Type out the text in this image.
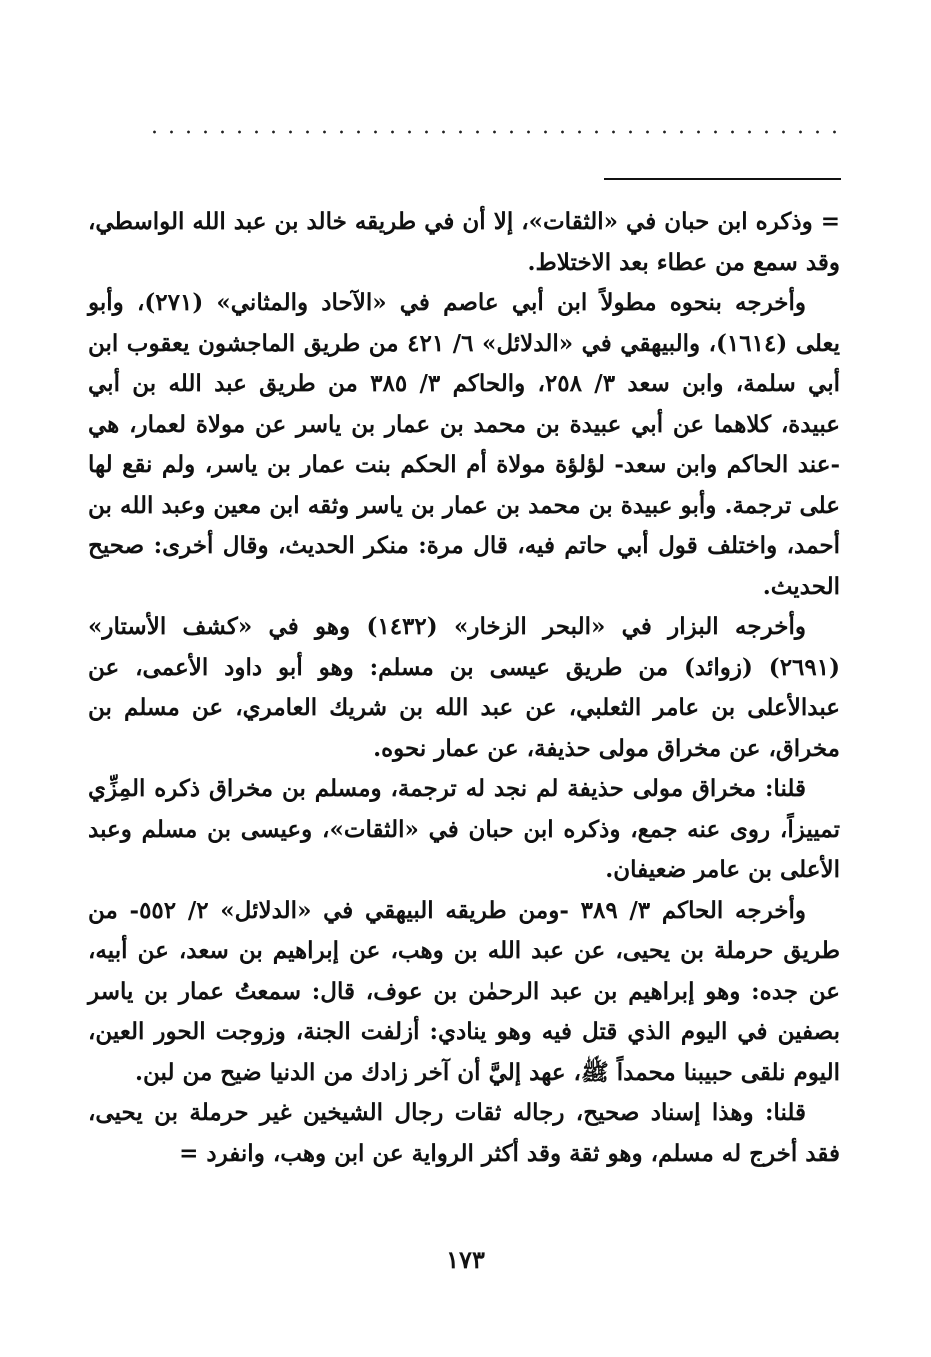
= وذكره ابن حبان في «الثقات»، إلا أن في طريقه خالد بن عبد الله الواسطي، وقد سمع من عطاء بعد الاختلاط.

وأخرجه بنحوه مطولاً ابن أبي عاصم في «الآحاد والمثاني» (٢٧١)، وأبو يعلى (١٦١٤)، والبيهقي في «الدلائل» ٦/ ٤٢١ من طريق الماجشون يعقوب ابن أبي سلمة، وابن سعد ٣/ ٢٥٨، والحاكم ٣/ ٣٨٥ من طريق عبد الله بن أبي عبيدة، كلاهما عن أبي عبيدة بن محمد بن عمار بن ياسر عن مولاة لعمار، هي -عند الحاكم وابن سعد- لؤلؤة مولاة أم الحكم بنت عمار بن ياسر، ولم نقع لها على ترجمة. وأبو عبيدة بن محمد بن عمار بن ياسر وثقه ابن معين وعبد الله بن أحمد، واختلف قول أبي حاتم فيه، قال مرة: منكر الحديث، وقال أخرى: صحيح الحديث.

وأخرجه البزار في «البحر الزخار» (١٤٣٢) وهو في «كشف الأستار» (٢٦٩١) (زوائد) من طريق عيسى بن مسلم: وهو أبو داود الأعمى، عن عبدالأعلى بن عامر الثعلبي، عن عبد الله بن شريك العامري، عن مسلم بن مخراق، عن مخراق مولى حذيفة، عن عمار نحوه.

قلنا: مخراق مولى حذيفة لم نجد له ترجمة، ومسلم بن مخراق ذكره المِزِّي تمييزاً، روى عنه جمع، وذكره ابن حبان في «الثقات»، وعيسى بن مسلم وعبد الأعلى بن عامر ضعيفان.

وأخرجه الحاكم ٣/ ٣٨٩ -ومن طريقه البيهقي في «الدلائل» ٢/ ٥٥٢- من طريق حرملة بن يحيى، عن عبد الله بن وهب، عن إبراهيم بن سعد، عن أبيه، عن جده: وهو إبراهيم بن عبد الرحمٰن بن عوف، قال: سمعتُ عمار بن ياسر بصفين في اليوم الذي قتل فيه وهو ينادي: أزلفت الجنة، وزوجت الحور العين، اليوم نلقى حبيبنا محمداً ﷺ، عهد إليَّ أن آخر زادك من الدنيا ضيح من لبن.

قلنا: وهذا إسناد صحيح، رجاله ثقات رجال الشيخين غير حرملة بن يحيى، فقد أخرج له مسلم، وهو ثقة وقد أكثر الرواية عن ابن وهب، وانفرد =

١٧٣
